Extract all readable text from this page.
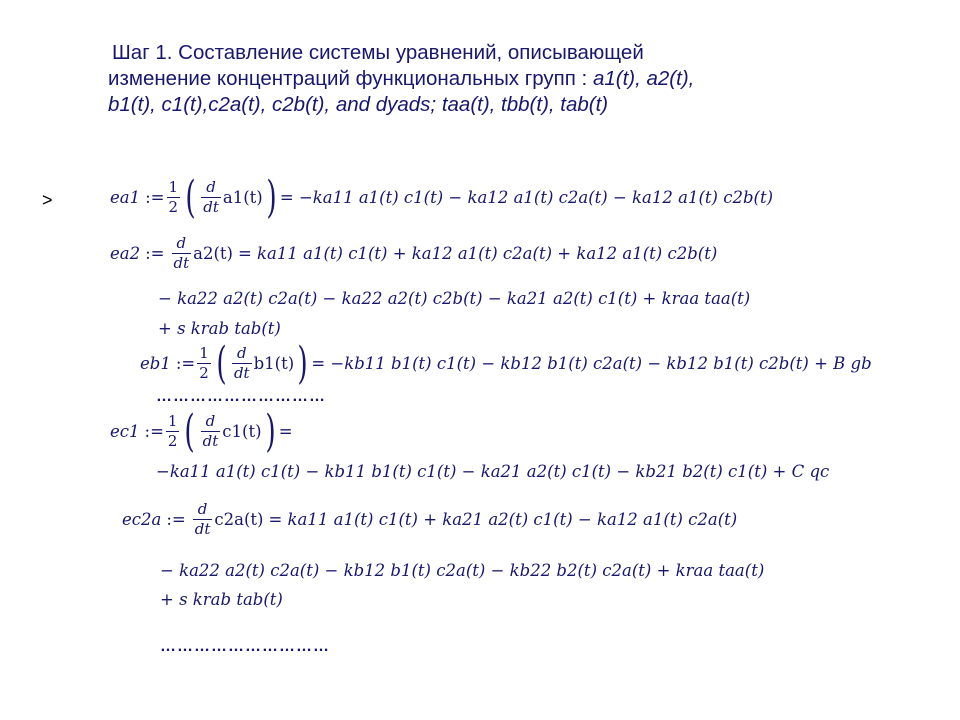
Шаг 1. Составление системы уравнений, описывающей
изменение концентраций функциональных групп : a1(t), a2(t),
b1(t), c1(t),c2a(t), c2b(t), and dyads; taa(t), tbb(t), tab(t)
>	ea1 := $\frac{1}{2}$ ( $\frac{d}{dt} a1(t)$ ) = −ka11 a1(t) c1(t) − ka12 a1(t) c2a(t) − ka12 a1(t) c2b(t)
ea2 := $\frac{d}{dt} a2(t) = ka11$ a1(t) c1(t) + ka12 a1(t) c2a(t) + ka12 a1(t) c2b(t)
− ka22 a2(t) c2a(t) − ka22 a2(t) c2b(t) − ka21 a2(t) c1(t) + kraa taa(t)
+ s krab tab(t)
eb1 := $\frac{1}{2}$ ( $\frac{d}{dt} b1(t)$ ) = −kb11 b1(t) c1(t) − kb12 b1(t) c2a(t) − kb12 b1(t) c2b(t) + B gb
…………………………
ec1 := $\frac{1}{2}$ ( $\frac{d}{dt} c1(t)$ ) =
−ka11 a1(t) c1(t) − kb11 b1(t) c1(t) − ka21 a2(t) c1(t) − kb21 b2(t) c1(t) + C qc
ec2a := $\frac{d}{dt} c2a(t) = ka11$ a1(t) c1(t) + ka21 a2(t) c1(t) − ka12 a1(t) c2a(t)
− ka22 a2(t) c2a(t) − kb12 b1(t) c2a(t) − kb22 b2(t) c2a(t) + kraa taa(t)
+ s krab tab(t)
…………………………
